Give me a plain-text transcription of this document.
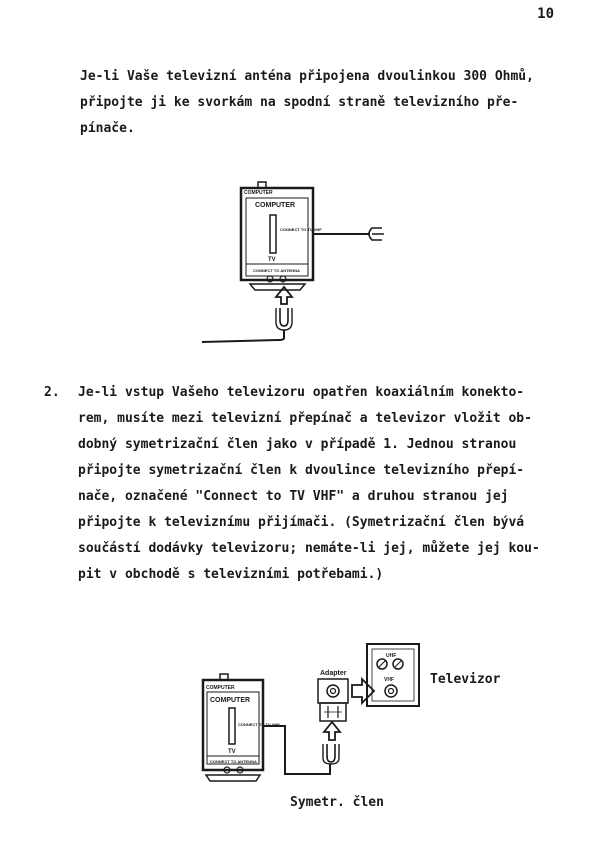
10

Je-li Vaše televizní anténa připojena dvoulinkou 300 Ohmů,
připojte ji ke svorkám na spodní straně televizního pře-
pínače.

2. Je-li vstup Vašeho televizoru opatřen koaxiálním konekto-
rem, musíte mezi televizní přepínač a televizor vložit ob-
dobný symetrizační člen jako v případě 1. Jednou stranou
připojte symetrizační člen k dvoulince televizního přepí-
nače, označené "Connect to TV VHF" a druhou stranou jej
připojte k televiznímu přijímači. (Symetrizační člen bývá
součástí dodávky televizoru; nemáte-li jej, můžete jej kou-
pit v obchodě s televizními potřebami.)

COMPUTER
COMPUTER
CONNECT TO TV VHF
TV
CONNECT TO ANTENNA
COMPUTER
COMPUTER
CONNECT TO TV VHF
TV
CONNECT TO ANTENNA
Adapter
UHF
VHF	Televizor
Symetr. člen
